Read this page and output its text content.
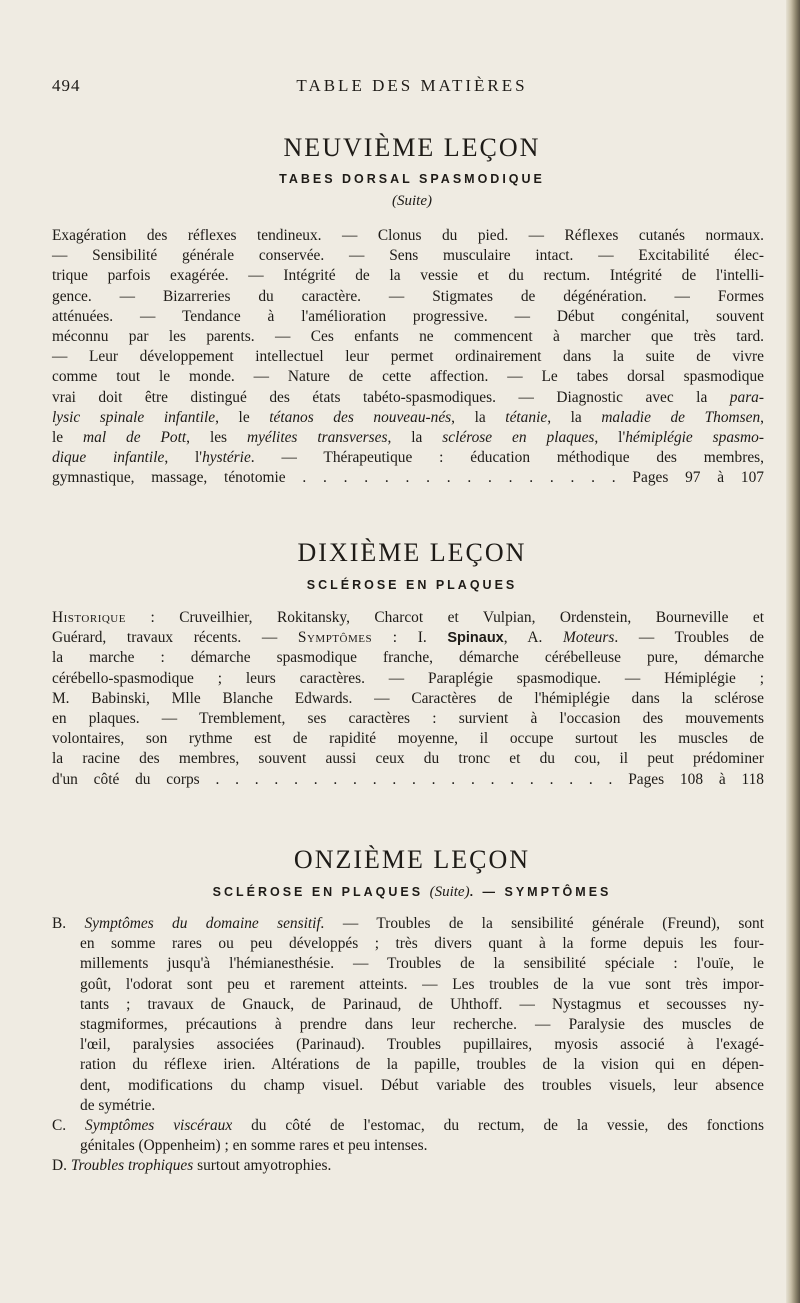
TABLE DES MATIÈRES
494
NEUVIÈME LEÇON
TABES DORSAL SPASMODIQUE
(Suite)
Exagération des réflexes tendineux. — Clonus du pied. — Réflexes cutanés normaux.
— Sensibilité générale conservée. — Sens musculaire intact. — Excitabilité élec-
trique parfois exagérée. — Intégrité de la vessie et du rectum. Intégrité de l'intelli-
gence. — Bizarreries du caractère. — Stigmates de dégénération. — Formes
atténuées. — Tendance à l'amélioration progressive. — Début congénital, souvent
méconnu par les parents. — Ces enfants ne commencent à marcher que très tard.
— Leur développement intellectuel leur permet ordinairement dans la suite de vivre
comme tout le monde. — Nature de cette affection. — Le tabes dorsal spasmodique
vrai doit être distingué des états tabéto-spasmodiques. — Diagnostic avec la para-
lysic spinale infantile, le tétanos des nouveau-nés, la tétanie, la maladie de Thomsen,
le mal de Pott, les myélites transverses, la sclérose en plaques, l'hémiplégie spasmo-
dique infantile, l'hystérie. — Thérapeutique : éducation méthodique des membres,
gymnastique, massage, ténotomie . . . . . . . . . . . . . . . . Pages 97 à 107
DIXIÈME LEÇON
SCLÉROSE EN PLAQUES
Historique : Cruveilhier, Rokitansky, Charcot et Vulpian, Ordenstein, Bourneville et
Guérard, travaux récents. — Symptômes : I. Spinaux, A. Moteurs. — Troubles de
la marche : démarche spasmodique franche, démarche cérébelleuse pure, démarche
cérébello-spasmodique ; leurs caractères. — Paraplégie spasmodique. — Hémiplégie ;
M. Babinski, Mlle Blanche Edwards. — Caractères de l'hémiplégie dans la sclérose
en plaques. — Tremblement, ses caractères : survient à l'occasion des mouvements
volontaires, son rythme est de rapidité moyenne, il occupe surtout les muscles de
la racine des membres, souvent aussi ceux du tronc et du cou, il peut prédominer
d'un côté du corps . . . . . . . . . . . . . . . . . . . . . Pages 108 à 118
ONZIÈME LEÇON
SCLÉROSE EN PLAQUES (Suite). — SYMPTÔMES
B. Symptômes du domaine sensitif. — Troubles de la sensibilité générale (Freund), sont
en somme rares ou peu développés ; très divers quant à la forme depuis les four-
millements jusqu'à l'hémianesthésie. — Troubles de la sensibilité spéciale : l'ouïe, le
goût, l'odorat sont peu et rarement atteints. — Les troubles de la vue sont très impor-
tants ; travaux de Gnauck, de Parinaud, de Uhthoff. — Nystagmus et secousses ny-
stagmiformes, précautions à prendre dans leur recherche. — Paralysie des muscles de
l'œil, paralysies associées (Parinaud). Troubles pupillaires, myosis associé à l'exagé-
ration du réflexe irien. Altérations de la papille, troubles de la vision qui en dépen-
dent, modifications du champ visuel. Début variable des troubles visuels, leur absence
de symétrie.
C. Symptômes viscéraux du côté de l'estomac, du rectum, de la vessie, des fonctions
génitales (Oppenheim) ; en somme rares et peu intenses.
D. Troubles trophiques surtout amyotrophies.
